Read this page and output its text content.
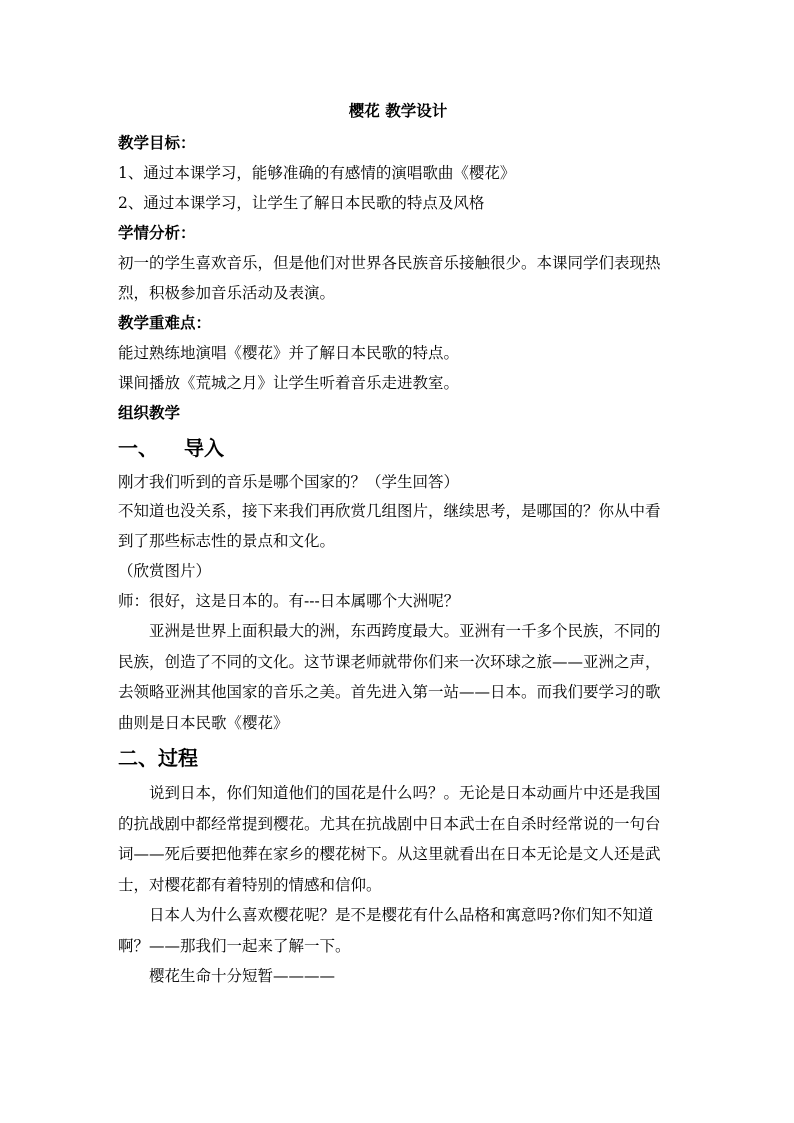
樱花 教学设计
教学目标：
1、通过本课学习，能够准确的有感情的演唱歌曲《樱花》
2、通过本课学习，让学生了解日本民歌的特点及风格
学情分析：
初一的学生喜欢音乐，但是他们对世界各民族音乐接触很少。本课同学们表现热
烈，积极参加音乐活动及表演。
教学重难点：
能过熟练地演唱《樱花》并了解日本民歌的特点。
课间播放《荒城之月》让学生听着音乐走进教室。
组织教学
一、 导入
刚才我们听到的音乐是哪个国家的？（学生回答）
不知道也没关系，接下来我们再欣赏几组图片，继续思考，是哪国的？你从中看
到了那些标志性的景点和文化。
（欣赏图片）
师：很好，这是日本的。有---日本属哪个大洲呢？
亚洲是世界上面积最大的洲，东西跨度最大。亚洲有一千多个民族，不同的
民族，创造了不同的文化。这节课老师就带你们来一次环球之旅——亚洲之声，
去领略亚洲其他国家的音乐之美。首先进入第一站——日本。而我们要学习的歌
曲则是日本民歌《樱花》
二、过程
说到日本，你们知道他们的国花是什么吗？。无论是日本动画片中还是我国
的抗战剧中都经常提到樱花。尤其在抗战剧中日本武士在自杀时经常说的一句台
词——死后要把他葬在家乡的樱花树下。从这里就看出在日本无论是文人还是武
士，对樱花都有着特别的情感和信仰。
日本人为什么喜欢樱花呢？是不是樱花有什么品格和寓意吗?你们知不知道
啊？——那我们一起来了解一下。
樱花生命十分短暂————
